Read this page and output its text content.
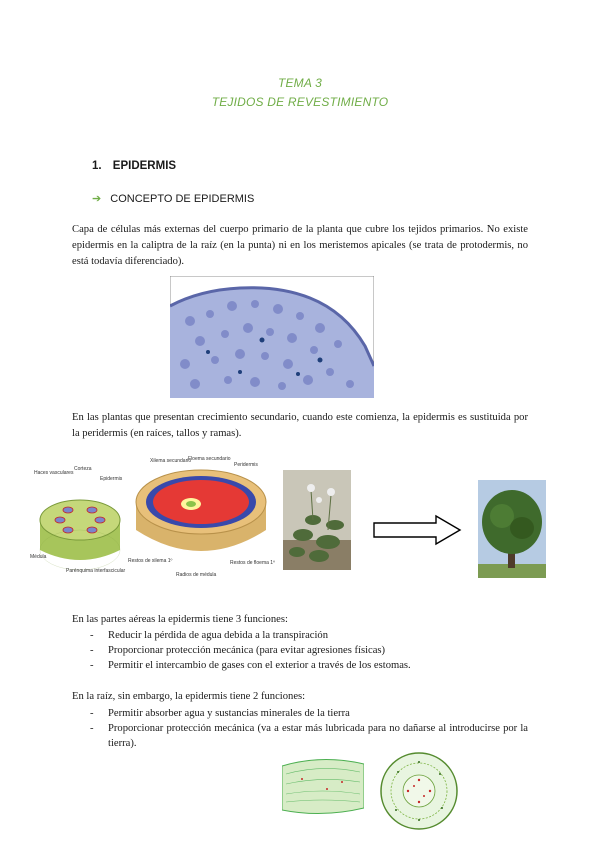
TEMA 3
TEJIDOS DE REVESTIMIENTO
1. EPIDERMIS
➔ CONCEPTO DE EPIDERMIS

Capa de células más externas del cuerpo primario de la planta que cubre los tejidos primarios. No existe epidermis en la caliptra de la raíz (en la punta) ni en los meristemos apicales (se trata de protodermis, no está todavía diferenciado).

En las plantas que presentan crecimiento secundario, cuando este comienza, la epidermis es sustituida por la peridermis (en raíces, tallos y ramas).

Haces vasculares
Corteza
Epidermis
Médula
Parénquima interfascicular
Xilema secundario
Floema secundario
Peridermis
Restos de xilema 1º	Restos de floema 1º
Radios de médula

En las partes aéreas la epidermis tiene 3 funciones:

- Reducir la pérdida de agua debida a la transpiración
- Proporcionar protección mecánica (para evitar agresiones físicas)
- Permitir el intercambio de gases con el exterior a través de los estomas.

En la raíz, sin embargo, la epidermis tiene 2 funciones:

- Permitir absorber agua y sustancias minerales de la tierra
- Proporcionar protección mecánica (va a estar más lubricada para no dañarse al introducirse por la tierra).
